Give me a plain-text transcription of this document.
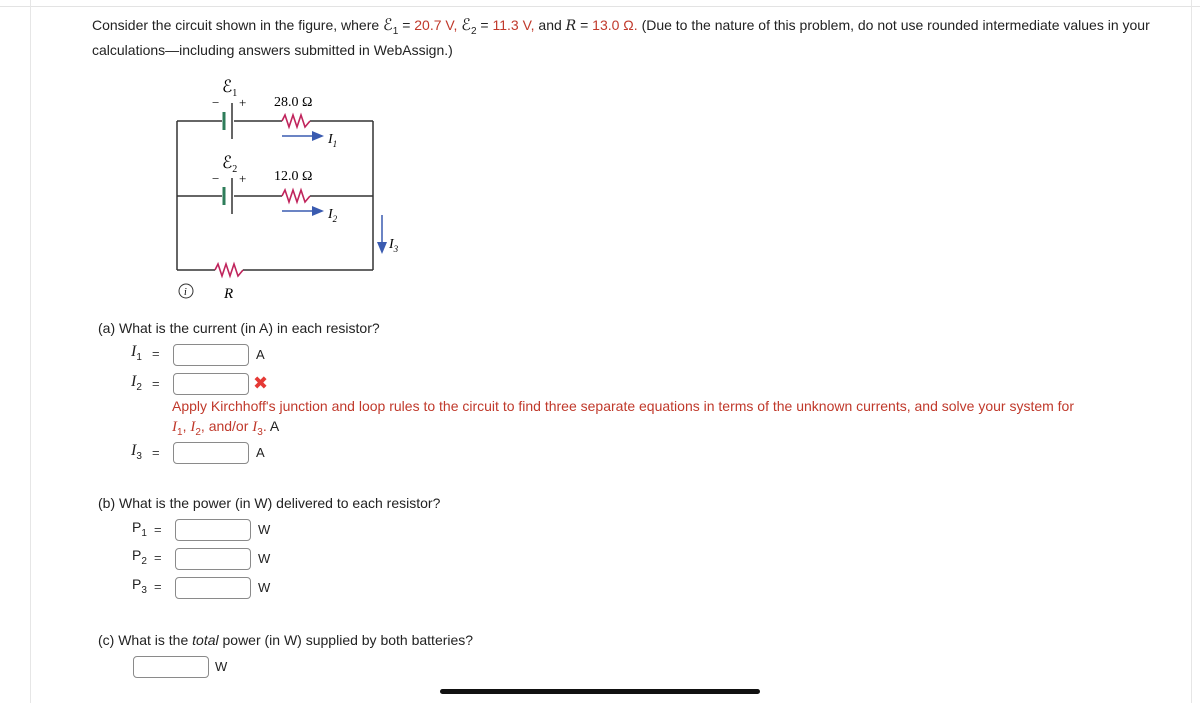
Consider the circuit shown in the figure, where ℰ$_1$ = 20.7 V, ℰ$_2$ = 11.3 V, and R = 13.0 Ω. (Due to the nature of this problem, do not use rounded intermediate values in your calculations—including answers submitted in WebAssign.)
ℰ$_1$
− + 28.0 Ω
$I_1$
ℰ$_2$
− + 12.0 Ω
$I_2$
$I_3$
R
i
(a) What is the current (in A) in each resistor?
$I_1$ =	A
$I_2$ =	✖
Apply Kirchhoff's junction and loop rules to the circuit to find three separate equations in terms of the unknown currents, and solve your system for
$I_1$, $I_2$, and/or $I_3$. A
$I_3$ =	A
(b) What is the power (in W) delivered to each resistor?
$P_1$ =	W
$P_2$ =	W
$P_3$ =	W
(c) What is the total power (in W) supplied by both batteries?
W
